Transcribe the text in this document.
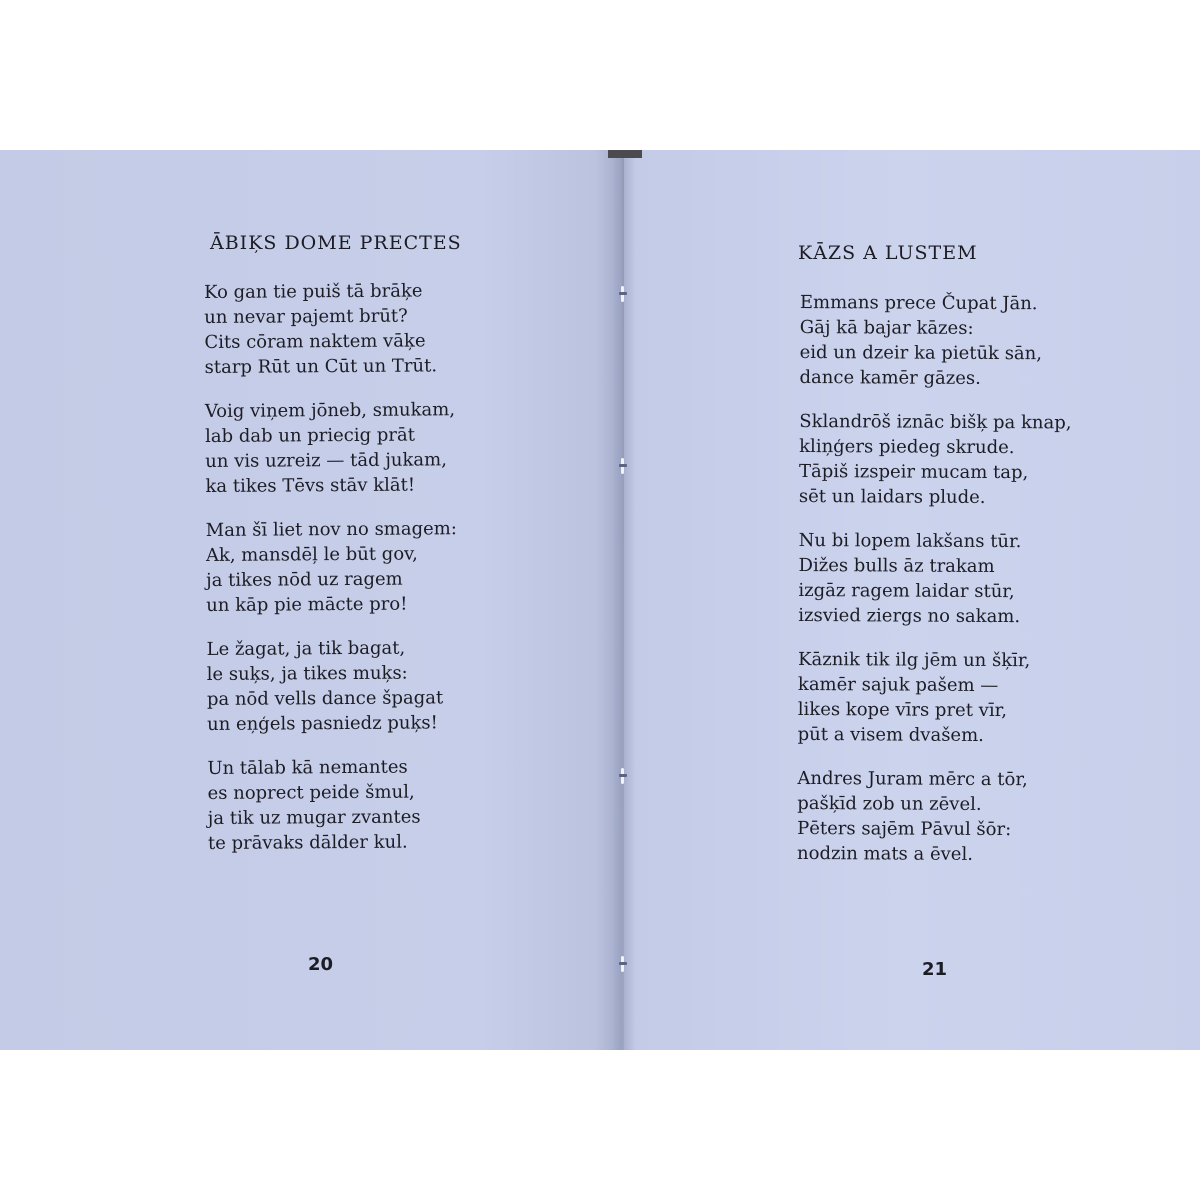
ĀBIĶS DOME PRECTES

Ko gan tie puiš tā brāķe
un nevar pajemt brūt?
Cits cōram naktem vāķe
starp Rūt un Cūt un Trūt.

Voig viņem jōneb, smukam,
lab dab un priecig prāt
un vis uzreiz — tād jukam,
ka tikes Tēvs stāv klāt!

Man šī liet nov no smagem:
Ak, mansdēļ le būt gov,
ja tikes nōd uz ragem
un kāp pie mācte pro!

Le žagat, ja tik bagat,
le suķs, ja tikes muķs:
pa nōd vells dance špagat
un eņģels pasniedz puķs!

Un tālab kā nemantes
es noprect peide šmul,
ja tik uz mugar zvantes
te prāvaks dālder kul.

20
KĀZS A LUSTEM

Emmans prece Čupat Jān.
Gāj kā bajar kāzes:
eid un dzeir ka pietūk sān,
dance kamēr gāzes.

Sklandrōš iznāc bišķ pa knap,
kliņģers piedeg skrude.
Tāpiš izspeir mucam tap,
sēt un laidars plude.

Nu bi lopem lakšans tūr.
Dižes bulls āz trakam
izgāz ragem laidar stūr,
izsvied ziergs no sakam.

Kāznik tik ilg jēm un šķīr,
kamēr sajuk pašem —
likes kope vīrs pret vīr,
pūt a visem dvašem.

Andres Juram mērc a tōr,
pašķīd zob un zēvel.
Pēters sajēm Pāvul šōr:
nodzin mats a ēvel.

21
